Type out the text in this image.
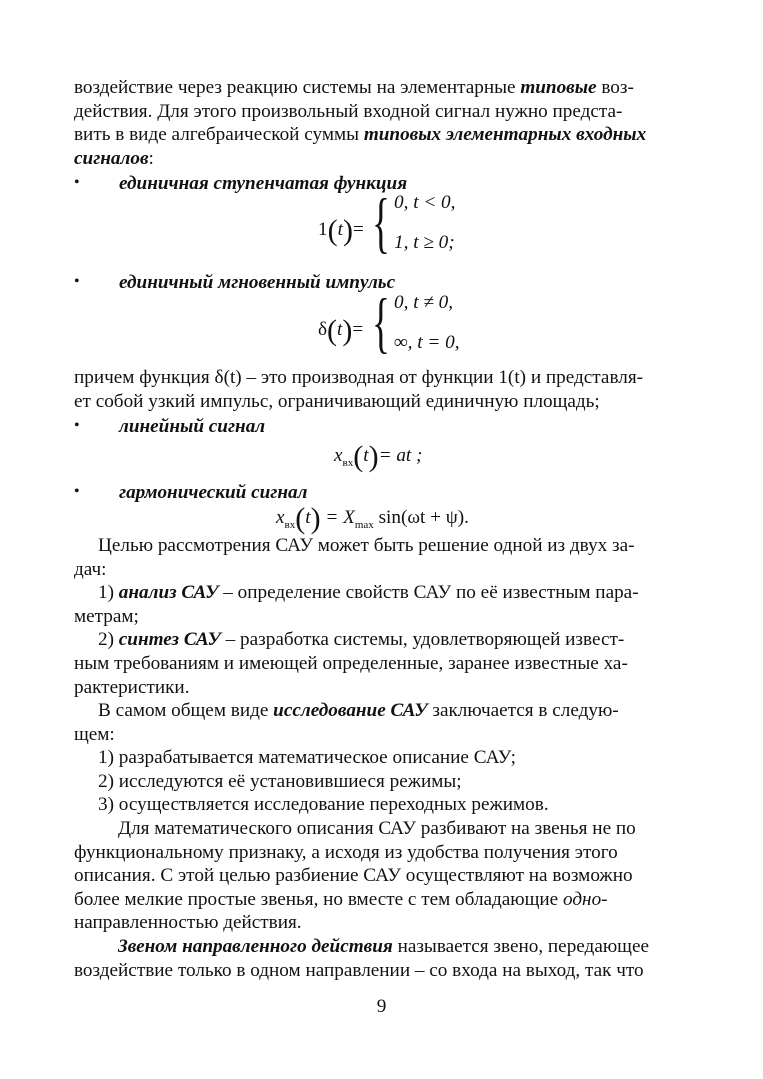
воздействие через реакцию системы на элементарные типовые воз-
действия. Для этого произвольный входной сигнал нужно предста-
вить в виде алгебраической суммы типовых элементарных входных
сигналов:
• единичная ступенчатая функция
1(t)= { 0, t < 0,
1, t ≥ 0;
• единичный мгновенный импульс
δ(t)= { 0, t ≠ 0,
∞, t = 0,
причем функция δ(t) – это производная от функции 1(t) и представля-
ет собой узкий импульс, ограничивающий единичную площадь;
• линейный сигнал
$x_{вх}(t)=$ at ;
• гармонический сигнал
$x_{вх}(t) = X_{max}$ sin(ωt + ψ).
Целью рассмотрения САУ может быть решение одной из двух за-
дач:
1) анализ САУ – определение свойств САУ по её известным пара-
метрам;
2) синтез САУ – разработка системы, удовлетворяющей извест-
ным требованиям и имеющей определенные, заранее известные ха-
рактеристики.
В самом общем виде исследование САУ заключается в следую-
щем:
1) разрабатывается математическое описание САУ;
2) исследуются её установившиеся режимы;
3) осуществляется исследование переходных режимов.
Для математического описания САУ разбивают на звенья не по
функциональному признаку, а исходя из удобства получения этого
описания. С этой целью разбиение САУ осуществляют на возможно
более мелкие простые звенья, но вместе с тем обладающие одно-
направленностью действия.
Звеном направленного действия называется звено, передающее
воздействие только в одном направлении – со входа на выход, так что
9
